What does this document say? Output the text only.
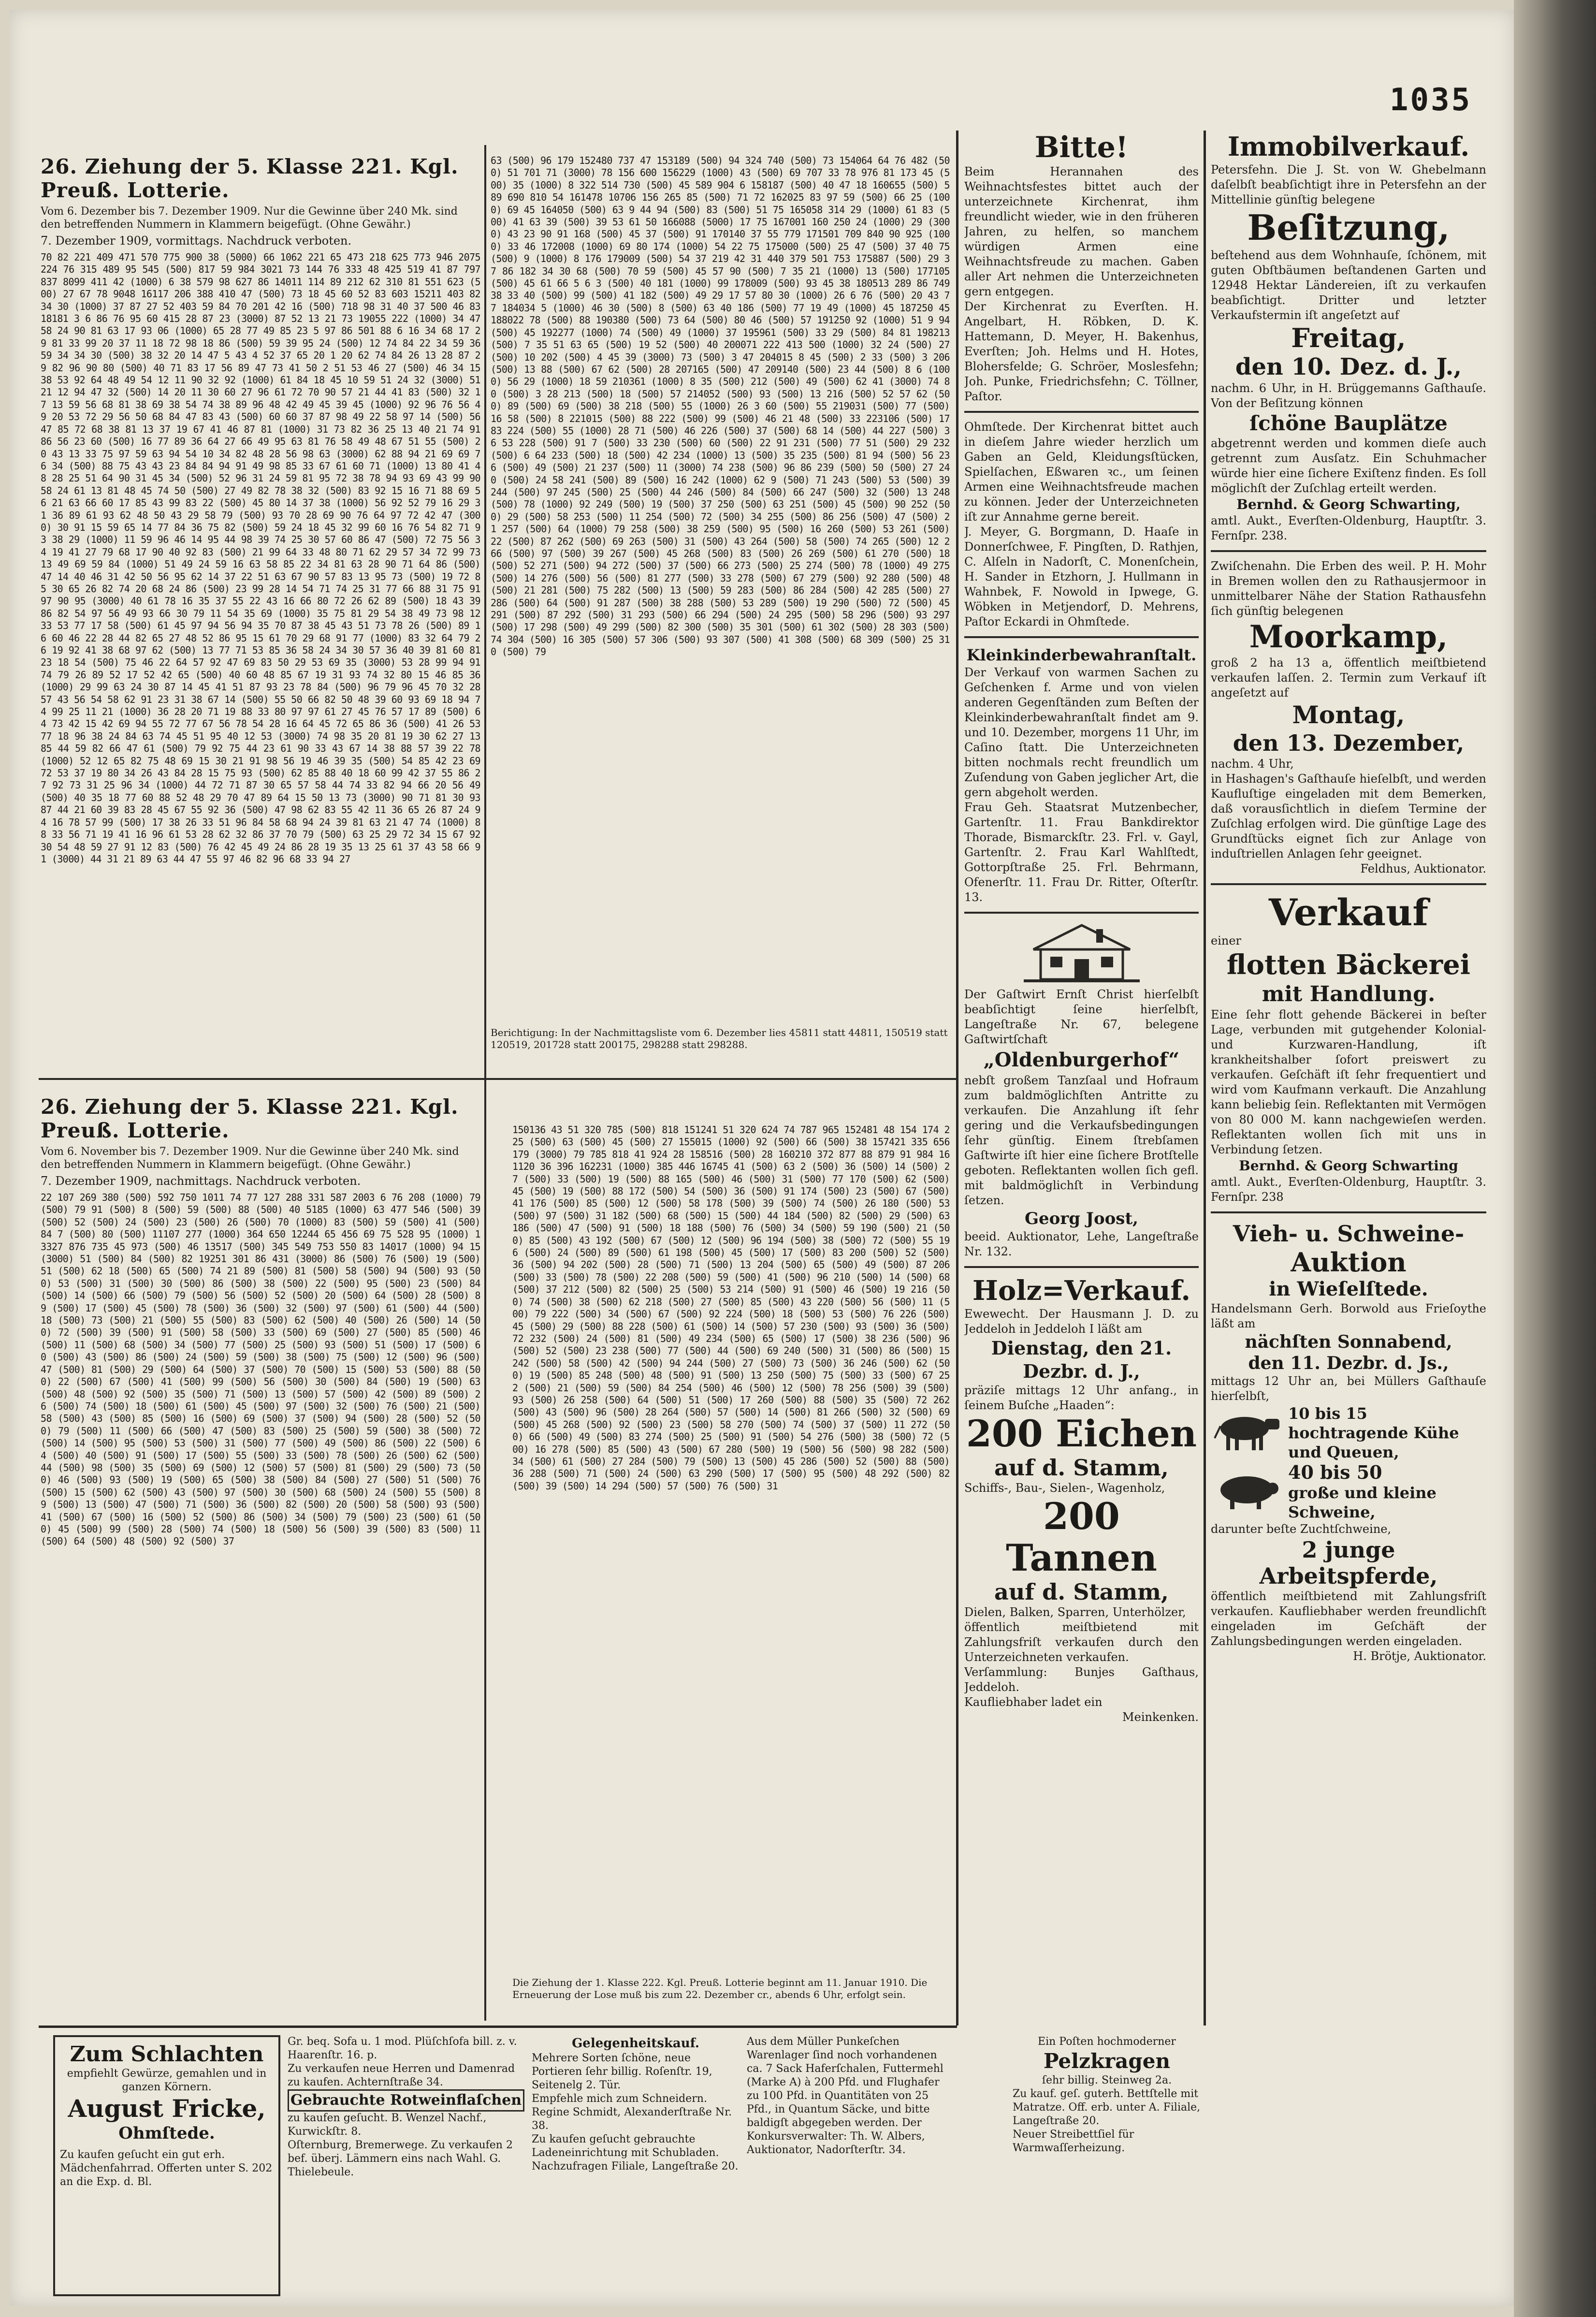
1035
26. Ziehung der 5. Klasse 221. Kgl. Preuß. Lotterie.
Vom 6. Dezember bis 7. Dezember 1909. Nur die Gewinne über 240 Mk. sind den betreffenden Nummern in Klammern beigefügt. (Ohne Gewähr.)
7. Dezember 1909, vormittags. Nachdruck verboten.

70 82 221 409 471 570 775 900 38 (5000) 66 1062 221 65 473 218 625 773 946 2075 224 76 315 489 95 545 (500) 817 59 984 3021 73 144 76 333 48 425 519 41 87 797 837 8099 411 42 (1000) 6 38 579 98 627 86 14011 114 89 212 62 310 81 551 623 (500) 27 67 78 9048 16117 206 388 410 47 (500) 73 18 45 60 52 83 603 15211 403 82 34 30 (1000) 37 87 27 52 403 59 84 70 201 42 16 (500) 718 98 31 40 37 500 46 83 18181 3 6 86 76 95 60 415 28 87 23 (3000) 87 52 13 21 73 19055 222 (1000) 34 47 58 24 90 81 63 17 93 06 (1000) 65 28 77 49 85 23 5 97 86 501 88 6 16 34 68 17 29 81 33 99 20 37 11 18 72 98 18 86 (500) 59 39 95 24 (500) 12 74 84 22 34 59 36 59 34 34 30 (500) 38 32 20 14 47 5 43 4 52 37 65 20 1 20 62 74 84 26 13 28 87 29 82 96 90 80 (500) 40 71 83 17 56 89 47 73 41 50 2 51 53 46 27 (500) 46 34 15 38 53 92 64 48 49 54 12 11 90 32 92 (1000) 61 84 18 45 10 59 51 24 32 (3000) 51 21 12 94 47 32 (500) 14 20 11 30 60 27 96 61 72 70 90 57 21 44 41 83 (500) 32 17 13 59 56 68 81 38 69 38 54 74 38 89 96 48 42 49 45 39 45 (1000) 92 96 76 56 49 20 53 72 29 56 50 68 84 47 83 43 (500) 60 60 37 87 98 49 22 58 97 14 (500) 56 47 85 72 68 38 81 13 37 19 67 41 46 87 81 (1000) 31 73 82 36 25 13 40 21 74 91 86 56 23 60 (500) 16 77 89 36 64 27 66 49 95 63 81 76 58 49 48 67 51 55 (500) 20 43 13 33 75 97 59 63 94 54 10 34 82 48 28 56 98 63 (3000) 62 88 94 21 69 69 76 34 (500) 88 75 43 43 23 84 84 94 91 49 98 85 33 67 61 60 71 (1000) 13 80 41 48 28 25 51 64 90 31 45 34 (500) 52 96 31 24 59 81 95 72 38 78 94 93 69 43 99 90 58 24 61 13 81 48 45 74 50 (500) 27 49 82 78 38 32 (500) 83 92 15 16 71 88 69 56 21 63 66 60 17 85 43 99 83 22 (500) 45 80 14 37 38 (1000) 56 92 52 79 16 29 31 36 89 61 93 62 48 50 43 29 58 79 (500) 93 70 28 69 90 76 64 97 72 42 47 (3000) 30 91 15 59 65 14 77 84 36 75 82 (500) 59 24 18 45 32 99 60 16 76 54 82 71 93 38 29 (1000) 11 59 96 46 14 95 44 98 39 74 25 30 57 60 86 47 (500) 72 75 56 34 19 41 27 79 68 17 90 40 92 83 (500) 21 99 64 33 48 80 71 62 29 57 34 72 99 73 13 49 69 59 84 (1000) 51 49 24 59 16 63 58 85 22 34 81 63 28 90 71 64 86 (500) 47 14 40 46 31 42 50 56 95 62 14 37 22 51 63 67 90 57 83 13 95 73 (500) 19 72 85 30 65 26 82 74 20 68 24 86 (500) 23 99 28 14 54 71 74 25 31 77 66 88 31 75 91 97 90 95 (3000) 40 61 78 16 35 37 55 22 43 16 66 80 72 26 62 89 (500) 18 43 39 86 82 54 97 56 49 93 66 30 79 11 54 35 69 (1000) 35 75 81 29 54 38 49 73 98 12 33 53 77 17 58 (500) 61 45 97 94 56 94 35 70 87 38 45 43 51 73 78 26 (500) 89 16 60 46 22 28 44 82 65 27 48 52 86 95 15 61 70 29 68 91 77 (1000) 83 32 64 79 26 19 92 41 38 68 97 62 (500) 13 77 71 53 85 36 58 24 34 30 57 36 40 39 81 60 81 23 18 54 (500) 75 46 22 64 57 92 47 69 83 50 29 53 69 35 (3000) 53 28 99 94 91 74 79 26 89 52 17 52 42 65 (500) 40 60 48 85 67 19 31 93 74 32 80 15 46 85 36 (1000) 29 99 63 24 30 87 14 45 41 51 87 93 23 78 84 (500) 96 79 96 45 70 32 28 57 43 56 54 58 62 91 23 31 38 67 14 (500) 55 50 66 82 50 48 39 60 93 69 18 94 74 99 25 11 21 (1000) 36 28 20 71 19 88 33 80 97 97 61 27 45 76 57 17 89 (500) 64 73 42 15 42 69 94 55 72 77 67 56 78 54 28 16 64 45 72 65 86 36 (500) 41 26 53 77 18 96 38 24 84 63 74 45 51 95 40 12 53 (3000) 74 98 35 20 81 19 30 62 27 13 85 44 59 82 66 47 61 (500) 79 92 75 44 23 61 90 33 43 67 14 38 88 57 39 22 78 (1000) 52 12 65 82 75 48 69 15 30 21 91 98 56 19 46 39 35 (500) 54 85 42 23 69 72 53 37 19 80 34 26 43 84 28 15 75 93 (500) 62 85 88 40 18 60 99 42 37 55 86 27 92 73 31 25 96 34 (1000) 44 72 71 87 30 65 57 58 44 74 33 82 94 66 20 56 49 (500) 40 35 18 77 60 88 52 48 29 70 47 89 64 15 50 13 73 (3000) 90 71 81 30 93 87 44 21 60 39 83 28 45 67 55 92 36 (500) 47 98 62 83 55 42 11 36 65 26 87 24 94 16 78 57 99 (500) 17 38 26 33 51 96 84 58 68 94 24 39 81 63 21 47 74 (1000) 88 33 56 71 19 41 16 96 61 53 28 62 32 86 37 70 79 (500) 63 25 29 72 34 15 67 92 30 54 48 59 27 91 12 83 (500) 76 42 45 49 24 86 28 19 35 13 25 61 37 43 58 66 91 (3000) 44 31 21 89 63 44 47 55 97 46 82 96 68 33 94 27

63 (500) 96 179 152480 737 47 153189 (500) 94 324 740 (500) 73 154064 64 76 482 (500) 51 701 71 (3000) 78 156 600 156229 (1000) 43 (500) 69 707 33 78 976 81 173 45 (500) 35 (1000) 8 322 514 730 (500) 45 589 904 6 158187 (500) 40 47 18 160655 (500) 589 690 810 54 161478 10706 156 265 85 (500) 71 72 162025 83 97 59 (500) 66 25 (1000) 69 45 164050 (500) 63 9 44 94 (500) 83 (500) 51 75 165058 314 29 (1000) 61 83 (500) 41 63 39 (500) 39 53 61 50 166088 (5000) 17 75 167001 160 250 24 (1000) 29 (3000) 43 23 90 91 168 (500) 45 37 (500) 91 170140 37 55 779 171501 709 840 90 925 (1000) 33 46 172008 (1000) 69 80 174 (1000) 54 22 75 175000 (500) 25 47 (500) 37 40 75 (500) 9 (1000) 8 176 179009 (500) 54 37 219 42 31 440 379 501 753 175887 (500) 29 37 86 182 34 30 68 (500) 70 59 (500) 45 57 90 (500) 7 35 21 (1000) 13 (500) 177105 (500) 45 61 66 5 6 3 (500) 40 181 (1000) 99 178009 (500) 93 45 38 180513 289 86 749 38 33 40 (500) 99 (500) 41 182 (500) 49 29 17 57 80 30 (1000) 26 6 76 (500) 20 43 77 184034 5 (1000) 46 30 (500) 8 (500) 63 40 186 (500) 77 19 49 (1000) 45 187250 45 188022 78 (500) 88 190380 (500) 73 64 (500) 80 46 (500) 57 191250 92 (1000) 51 9 94 (500) 45 192277 (1000) 74 (500) 49 (1000) 37 195961 (500) 33 29 (500) 84 81 198213 (500) 7 35 51 63 65 (500) 19 52 (500) 40 200071 222 413 500 (1000) 32 24 (500) 27 (500) 10 202 (500) 4 45 39 (3000) 73 (500) 3 47 204015 8 45 (500) 2 33 (500) 3 206 (500) 13 88 (500) 67 62 (500) 28 207165 (500) 47 209140 (500) 23 44 (500) 8 6 (1000) 56 29 (1000) 18 59 210361 (1000) 8 35 (500) 212 (500) 49 (500) 62 41 (3000) 74 80 (500) 3 28 213 (500) 18 (500) 57 214052 (500) 93 (500) 13 216 (500) 52 57 62 (500) 89 (500) 69 (500) 38 218 (500) 55 (1000) 26 3 60 (500) 55 219031 (500) 77 (500) 16 58 (500) 8 221015 (500) 88 222 (500) 99 (500) 46 21 48 (500) 33 223106 (500) 17 83 224 (500) 55 (1000) 28 71 (500) 46 226 (500) 37 (500) 68 14 (500) 44 227 (500) 36 53 228 (500) 91 7 (500) 33 230 (500) 60 (500) 22 91 231 (500) 77 51 (500) 29 232 (500) 6 64 233 (500) 18 (500) 42 234 (1000) 13 (500) 35 235 (500) 81 94 (500) 56 236 (500) 49 (500) 21 237 (500) 11 (3000) 74 238 (500) 96 86 239 (500) 50 (500) 27 240 (500) 24 58 241 (500) 89 (500) 16 242 (1000) 62 9 (500) 71 243 (500) 53 (500) 39 244 (500) 97 245 (500) 25 (500) 44 246 (500) 84 (500) 66 247 (500) 32 (500) 13 248 (500) 78 (1000) 92 249 (500) 19 (500) 37 250 (500) 63 251 (500) 45 (500) 90 252 (500) 29 (500) 58 253 (500) 11 254 (500) 72 (500) 34 255 (500) 86 256 (500) 47 (500) 21 257 (500) 64 (1000) 79 258 (500) 38 259 (500) 95 (500) 16 260 (500) 53 261 (500) 22 (500) 87 262 (500) 69 263 (500) 31 (500) 43 264 (500) 58 (500) 74 265 (500) 12 266 (500) 97 (500) 39 267 (500) 45 268 (500) 83 (500) 26 269 (500) 61 270 (500) 18 (500) 52 271 (500) 94 272 (500) 37 (500) 66 273 (500) 25 274 (500) 78 (1000) 49 275 (500) 14 276 (500) 56 (500) 81 277 (500) 33 278 (500) 67 279 (500) 92 280 (500) 48 (500) 21 281 (500) 75 282 (500) 13 (500) 59 283 (500) 86 284 (500) 42 285 (500) 27 286 (500) 64 (500) 91 287 (500) 38 288 (500) 53 289 (500) 19 290 (500) 72 (500) 45 291 (500) 87 292 (500) 31 293 (500) 66 294 (500) 24 295 (500) 58 296 (500) 93 297 (500) 17 298 (500) 49 299 (500) 82 300 (500) 35 301 (500) 61 302 (500) 28 303 (500) 74 304 (500) 16 305 (500) 57 306 (500) 93 307 (500) 41 308 (500) 68 309 (500) 25 310 (500) 79

Berichtigung: In der Nachmittagsliste vom 6. Dezember lies 45811 statt 44811, 150519 statt 120519, 201728 statt 200175, 298288 statt 298288.
26. Ziehung der 5. Klasse 221. Kgl. Preuß. Lotterie.
Vom 6. November bis 7. Dezember 1909. Nur die Gewinne über 240 Mk. sind den betreffenden Nummern in Klammern beigefügt. (Ohne Gewähr.)
7. Dezember 1909, nachmittags. Nachdruck verboten.

22 107 269 380 (500) 592 750 1011 74 77 127 288 331 587 2003 6 76 208 (1000) 79 (500) 79 91 (500) 8 (500) 59 (500) 88 (500) 40 5185 (1000) 63 477 546 (500) 39 (500) 52 (500) 24 (500) 23 (500) 26 (500) 70 (1000) 83 (500) 59 (500) 41 (500) 84 7 (500) 80 (500) 11107 277 (1000) 364 650 12244 65 456 69 75 528 95 (1000) 13327 876 735 45 973 (500) 46 13517 (500) 345 549 753 550 83 14017 (1000) 94 15 (3000) 51 (500) 84 (500) 82 19251 301 86 431 (3000) 86 (500) 76 (500) 19 (500) 51 (500) 62 18 (500) 65 (500) 74 21 89 (500) 81 (500) 58 (500) 94 (500) 93 (500) 53 (500) 31 (500) 30 (500) 86 (500) 38 (500) 22 (500) 95 (500) 23 (500) 84 (500) 14 (500) 66 (500) 79 (500) 56 (500) 52 (500) 20 (500) 64 (500) 28 (500) 89 (500) 17 (500) 45 (500) 78 (500) 36 (500) 32 (500) 97 (500) 61 (500) 44 (500) 18 (500) 73 (500) 21 (500) 55 (500) 83 (500) 62 (500) 40 (500) 26 (500) 14 (500) 72 (500) 39 (500) 91 (500) 58 (500) 33 (500) 69 (500) 27 (500) 85 (500) 46 (500) 11 (500) 68 (500) 34 (500) 77 (500) 25 (500) 93 (500) 51 (500) 17 (500) 60 (500) 43 (500) 86 (500) 24 (500) 59 (500) 38 (500) 75 (500) 12 (500) 96 (500) 47 (500) 81 (500) 29 (500) 64 (500) 37 (500) 70 (500) 15 (500) 53 (500) 88 (500) 22 (500) 67 (500) 41 (500) 99 (500) 56 (500) 30 (500) 84 (500) 19 (500) 63 (500) 48 (500) 92 (500) 35 (500) 71 (500) 13 (500) 57 (500) 42 (500) 89 (500) 26 (500) 74 (500) 18 (500) 61 (500) 45 (500) 97 (500) 32 (500) 76 (500) 21 (500) 58 (500) 43 (500) 85 (500) 16 (500) 69 (500) 37 (500) 94 (500) 28 (500) 52 (500) 79 (500) 11 (500) 66 (500) 47 (500) 83 (500) 25 (500) 59 (500) 38 (500) 72 (500) 14 (500) 95 (500) 53 (500) 31 (500) 77 (500) 49 (500) 86 (500) 22 (500) 64 (500) 40 (500) 91 (500) 17 (500) 55 (500) 33 (500) 78 (500) 26 (500) 62 (500) 44 (500) 98 (500) 35 (500) 69 (500) 12 (500) 57 (500) 81 (500) 29 (500) 73 (500) 46 (500) 93 (500) 19 (500) 65 (500) 38 (500) 84 (500) 27 (500) 51 (500) 76 (500) 15 (500) 62 (500) 43 (500) 97 (500) 30 (500) 68 (500) 24 (500) 55 (500) 89 (500) 13 (500) 47 (500) 71 (500) 36 (500) 82 (500) 20 (500) 58 (500) 93 (500) 41 (500) 67 (500) 16 (500) 52 (500) 86 (500) 34 (500) 79 (500) 23 (500) 61 (500) 45 (500) 99 (500) 28 (500) 74 (500) 18 (500) 56 (500) 39 (500) 83 (500) 11 (500) 64 (500) 48 (500) 92 (500) 37

150136 43 51 320 785 (500) 818 151241 51 320 624 74 787 965 152481 48 154 174 225 (500) 63 (500) 45 (500) 27 155015 (1000) 92 (500) 66 (500) 38 157421 335 656 179 (3000) 79 785 818 41 924 28 158516 (500) 28 160210 372 877 88 879 91 984 161120 36 396 162231 (1000) 385 446 16745 41 (500) 63 2 (500) 36 (500) 14 (500) 27 (500) 33 (500) 19 (500) 88 165 (500) 46 (500) 31 (500) 77 170 (500) 62 (500) 45 (500) 19 (500) 88 172 (500) 54 (500) 36 (500) 91 174 (500) 23 (500) 67 (500) 41 176 (500) 85 (500) 12 (500) 58 178 (500) 39 (500) 74 (500) 26 180 (500) 53 (500) 97 (500) 31 182 (500) 68 (500) 15 (500) 44 184 (500) 82 (500) 29 (500) 63 186 (500) 47 (500) 91 (500) 18 188 (500) 76 (500) 34 (500) 59 190 (500) 21 (500) 85 (500) 43 192 (500) 67 (500) 12 (500) 96 194 (500) 38 (500) 72 (500) 55 196 (500) 24 (500) 89 (500) 61 198 (500) 45 (500) 17 (500) 83 200 (500) 52 (500) 36 (500) 94 202 (500) 28 (500) 71 (500) 13 204 (500) 65 (500) 49 (500) 87 206 (500) 33 (500) 78 (500) 22 208 (500) 59 (500) 41 (500) 96 210 (500) 14 (500) 68 (500) 37 212 (500) 82 (500) 25 (500) 53 214 (500) 91 (500) 46 (500) 19 216 (500) 74 (500) 38 (500) 62 218 (500) 27 (500) 85 (500) 43 220 (500) 56 (500) 11 (500) 79 222 (500) 34 (500) 67 (500) 92 224 (500) 18 (500) 53 (500) 76 226 (500) 45 (500) 29 (500) 88 228 (500) 61 (500) 14 (500) 57 230 (500) 93 (500) 36 (500) 72 232 (500) 24 (500) 81 (500) 49 234 (500) 65 (500) 17 (500) 38 236 (500) 96 (500) 52 (500) 23 238 (500) 77 (500) 44 (500) 69 240 (500) 31 (500) 86 (500) 15 242 (500) 58 (500) 42 (500) 94 244 (500) 27 (500) 73 (500) 36 246 (500) 62 (500) 19 (500) 85 248 (500) 48 (500) 91 (500) 13 250 (500) 75 (500) 33 (500) 67 252 (500) 21 (500) 59 (500) 84 254 (500) 46 (500) 12 (500) 78 256 (500) 39 (500) 93 (500) 26 258 (500) 64 (500) 51 (500) 17 260 (500) 88 (500) 35 (500) 72 262 (500) 43 (500) 96 (500) 28 264 (500) 57 (500) 14 (500) 81 266 (500) 32 (500) 69 (500) 45 268 (500) 92 (500) 23 (500) 58 270 (500) 74 (500) 37 (500) 11 272 (500) 66 (500) 49 (500) 83 274 (500) 25 (500) 91 (500) 54 276 (500) 38 (500) 72 (500) 16 278 (500) 85 (500) 43 (500) 67 280 (500) 19 (500) 56 (500) 98 282 (500) 34 (500) 61 (500) 27 284 (500) 79 (500) 13 (500) 45 286 (500) 52 (500) 88 (500) 36 288 (500) 71 (500) 24 (500) 63 290 (500) 17 (500) 95 (500) 48 292 (500) 82 (500) 39 (500) 14 294 (500) 57 (500) 76 (500) 31

Die Ziehung der 1. Klasse 222. Kgl. Preuß. Lotterie beginnt am 11. Januar 1910. Die Erneuerung der Lose muß bis zum 22. Dezember cr., abends 6 Uhr, erfolgt sein.
Bitte!

Beim Herannahen des Weihnachtsfestes bittet auch der unterzeichnete Kirchenrat, ihm freundlicht wieder, wie in den früheren Jahren, zu helfen, so manchem würdigen Armen eine Weihnachtsfreude zu machen. Gaben aller Art nehmen die Unterzeichneten gern entgegen.

Der Kirchenrat zu Everſten. H. Angelbart, H. Röbken, D. K. Hattemann, D. Meyer, H. Bakenhus, Everſten; Joh. Helms und H. Hotes, Blohersfelde; G. Schröer, Moslesfehn; Joh. Punke, Friedrichsfehn; C. Töllner, Paſtor.

Ohmſtede. Der Kirchenrat bittet auch in dieſem Jahre wieder herzlich um Gaben an Geld, Kleidungsſtücken, Spielſachen, Eßwaren ꝛc., um ſeinen Armen eine Weihnachtsfreude machen zu können. Jeder der Unterzeichneten iſt zur Annahme gerne bereit.

J. Meyer, G. Borgmann, D. Haaſe in Donnerſchwee, F. Pingſten, D. Rathjen, C. Alſeln in Nadorſt, C. Monenſchein, H. Sander in Etzhorn, J. Hullmann in Wahnbek, F. Nowold in Ipwege, G. Wöbken in Metjendorf, D. Mehrens, Paſtor Eckardi in Ohmſtede.

Kleinkinderbewahranſtalt.

Der Verkauf von warmen Sachen zu Geſchenken f. Arme und von vielen anderen Gegenſtänden zum Beſten der Kleinkinderbewahranſtalt findet am 9. und 10. Dezember, morgens 11 Uhr, im Caſino ſtatt. Die Unterzeichneten bitten nochmals recht freundlich um Zuſendung von Gaben jeglicher Art, die gern abgeholt werden.

Frau Geh. Staatsrat Mutzenbecher, Gartenſtr. 11. Frau Bankdirektor Thorade, Bismarckſtr. 23. Frl. v. Gayl, Gartenſtr. 2. Frau Karl Wahlſtedt, Gottorpſtraße 25. Frl. Behrmann, Ofenerſtr. 11. Frau Dr. Ritter, Oſterſtr. 13.

Der Gaſtwirt Ernſt Christ hierſelbſt beabſichtigt ſeine hierſelbſt, Langeſtraße Nr. 67, belegene Gaſtwirtſchaft

„Oldenburgerhof“

nebſt großem Tanzſaal und Hofraum zum baldmöglichſten Antritte zu verkaufen. Die Anzahlung iſt ſehr gering und die Verkaufsbedingungen ſehr günſtig. Einem ſtrebſamen Gaſtwirte iſt hier eine ſichere Brotſtelle geboten. Reflektanten wollen ſich gefl. mit baldmöglichſt in Verbindung ſetzen.

Georg Joost,

beeid. Auktionator, Lehe, Langeſtraße Nr. 132.

Holz=Verkauf.

Ewewecht. Der Hausmann J. D. zu Jeddeloh in Jeddeloh I läßt am

Dienstag, den 21. Dezbr. d. J.,

präziſe mittags 12 Uhr anfang., in ſeinem Buſche „Haaden“:

200 Eichen
auf d. Stamm,

Schiffs-, Bau-, Sielen-, Wagenholz,

200 Tannen
auf d. Stamm,

Dielen, Balken, Sparren, Unterhölzer,

öffentlich meiſtbietend mit Zahlungsfriſt verkaufen durch den Unterzeichneten verkaufen.

Verſammlung: Bunjes Gaſthaus, Jeddeloh.

Kaufliebhaber ladet ein

Meinkenken.

Immobilverkauf.

Petersfehn. Die J. St. von W. Ghebelmann daſelbſt beabſichtigt ihre in Petersfehn an der Mittellinie günſtig belegene

Beſitzung,

beſtehend aus dem Wohnhauſe, ſchönem, mit guten Obſtbäumen beſtandenen Garten und 12948 Hektar Ländereien, iſt zu verkaufen beabſichtigt. Dritter und letzter Verkaufstermin iſt angeſetzt auf

Freitag,
den 10. Dez. d. J.,

nachm. 6 Uhr, in H. Brüggemanns Gaſthauſe. Von der Beſitzung können

ſchöne Bauplätze

abgetrennt werden und kommen dieſe auch getrennt zum Ausſatz. Ein Schuhmacher würde hier eine ſichere Exiſtenz finden. Es ſoll möglichſt der Zuſchlag erteilt werden.

Bernhd. & Georg Schwarting,

amtl. Aukt., Everſten-Oldenburg, Hauptſtr. 3. Fernſpr. 238.

Zwiſchenahn. Die Erben des weil. P. H. Mohr in Bremen wollen den zu Rathausjermoor in unmittelbarer Nähe der Station Rathausfehn ſich günſtig belegenen

Moorkamp,

groß 2 ha 13 a, öffentlich meiſtbietend verkaufen laſſen. 2. Termin zum Verkauf iſt angeſetzt auf

Montag,
den 13. Dezember,

nachm. 4 Uhr,

in Hashagen's Gaſthauſe hieſelbſt, und werden Kaufluſtige eingeladen mit dem Bemerken, daß vorausſichtlich in dieſem Termine der Zuſchlag erfolgen wird. Die günſtige Lage des Grundſtücks eignet ſich zur Anlage von induſtriellen Anlagen ſehr geeignet.

Feldhus, Auktionator.

Verkauf

einer

flotten Bäckerei
mit Handlung.

Eine ſehr flott gehende Bäckerei in beſter Lage, verbunden mit gutgehender Kolonial- und Kurzwaren-Handlung, iſt krankheitshalber ſofort preiswert zu verkaufen. Geſchäft iſt ſehr frequentiert und wird vom Kaufmann verkauft. Die Anzahlung kann beliebig ſein. Reflektanten mit Vermögen von 80 000 M. kann nachgewieſen werden. Reflektanten wollen ſich mit uns in Verbindung ſetzen.

Bernhd. & Georg Schwarting

amtl. Aukt., Everſten-Oldenburg, Hauptſtr. 3. Fernſpr. 238

Vieh- u. Schweine-
Auktion
in Wieſelſtede.

Handelsmann Gerh. Borwold aus Frieſoythe läßt am

nächſten Sonnabend,
den 11. Dezbr. d. Js.,

mittags 12 Uhr an, bei Müllers Gaſthauſe hierſelbſt,

10 bis 15 hochtragende Kühe
und Queuen,
40 bis 50
große und kleine Schweine,

darunter beſte Zuchtſchweine,

2 junge
Arbeitspferde,

öffentlich meiſtbietend mit Zahlungsfriſt verkaufen. Kaufliebhaber werden freundlichſt eingeladen im Geſchäft der Zahlungsbedingungen werden eingeladen.

H. Brötje, Auktionator.

Zum Schlachten

empfiehlt Gewürze, gemahlen und in ganzen Körnern.

August Fricke,
Ohmſtede.

Zu kaufen geſucht ein gut erh. Mädchenfahrrad. Offerten unter S. 202 an die Exp. d. Bl.

Gr. beq. Sofa u. 1 mod. Plüſchſofa bill. z. v. Haarenſtr. 16. p.

Zu verkaufen neue Herren und Damenrad zu kaufen. Achternſtraße 34.

Gebrauchte Rotweinflaſchen

zu kaufen geſucht. B. Wenzel Nachf., Kurwickſtr. 8.

Oſternburg, Bremerwege. Zu verkaufen 2 bef. überj. Lämmern eins nach Wahl. G. Thielebeule.

Gelegenheitskauf.

Mehrere Sorten ſchöne, neue Portieren ſehr billig. Roſenſtr. 19, Seitenelg 2. Tür.

Empfehle mich zum Schneidern. Regine Schmidt, Alexanderſtraße Nr. 38.

Zu kaufen geſucht gebrauchte Ladeneinrichtung mit Schubladen. Nachzufragen Filiale, Langeſtraße 20.

Aus dem Müller Punkeſchen Warenlager ſind noch vorhandenen ca. 7 Sack Haferſchalen, Futtermehl (Marke A) à 200 Pfd. und Flughafer zu 100 Pfd. in Quantitäten von 25 Pfd., in Quantum Säcke, und bitte baldigſt abgegeben werden. Der Konkursverwalter: Th. W. Albers, Auktionator, Nadorſterſtr. 34.

Ein Poſten hochmoderner

Pelzkragen

ſehr billig. Steinweg 2a.

Zu kauf. geſ. guterh. Bettſtelle mit Matratze. Off. erb. unter A. Filiale, Langeſtraße 20.

Neuer Streibettſiel für Warmwaſſerheizung.
